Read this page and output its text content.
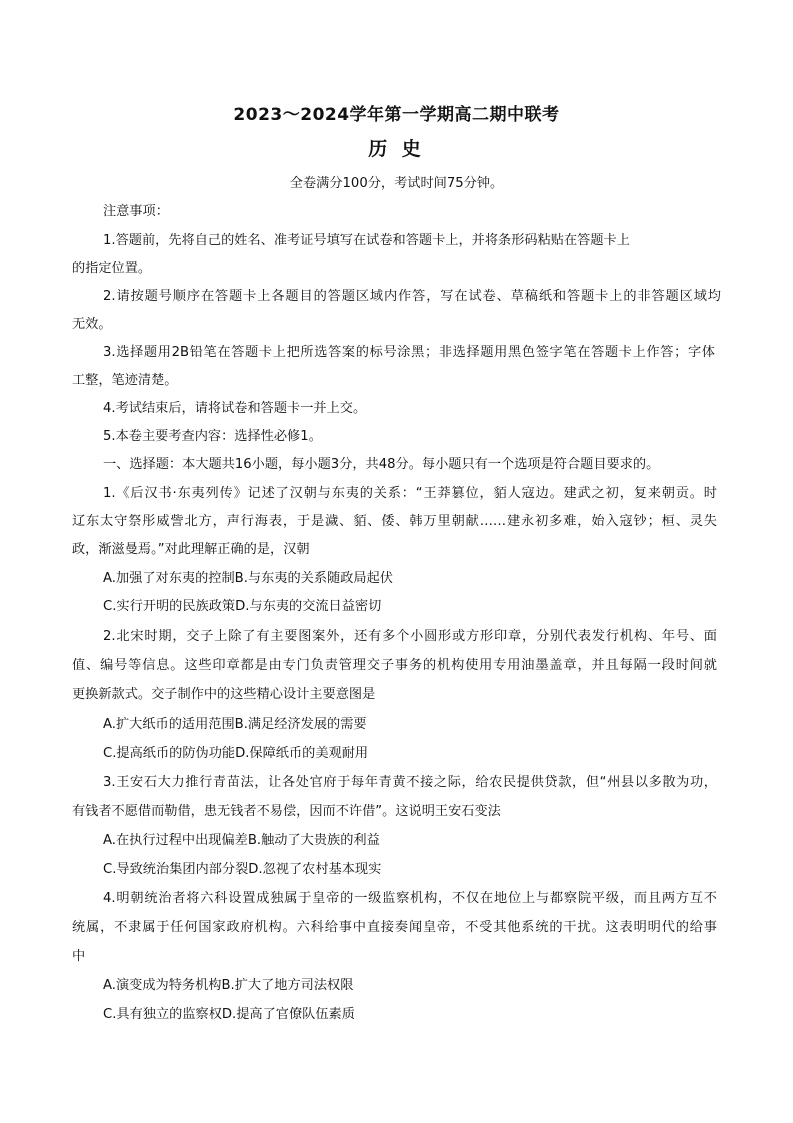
2023～2024学年第一学期高二期中联考
历 史
全卷满分100分，考试时间75分钟。
注意事项：
1.答题前，先将自己的姓名、准考证号填写在试卷和答题卡上，并将条形码粘贴在答题卡上
的指定位置。
2.请按题号顺序在答题卡上各题目的答题区域内作答，写在试卷、草稿纸和答题卡上的非答题区域均
无效。
3.选择题用2B铅笔在答题卡上把所选答案的标号涂黑；非选择题用黑色签字笔在答题卡上作答；字体
工整，笔迹清楚。
4.考试结束后，请将试卷和答题卡一并上交。
5.本卷主要考查内容：选择性必修1。
一、选择题：本大题共16小题，每小题3分，共48分。每小题只有一个选项是符合题目要求的。
1.《后汉书·东夷列传》记述了汉朝与东夷的关系：“王莽篡位，貊人寇边。建武之初，复来朝贡。时
辽东太守祭彤威訾北方，声行海表，于是濊、貊、倭、韩万里朝献……建永初多难，始入寇钞；桓、灵失
政，渐滋曼焉。”对此理解正确的是，汉朝
A.加强了对东夷的控制B.与东夷的关系随政局起伏
C.实行开明的民族政策D.与东夷的交流日益密切
2.北宋时期，交子上除了有主要图案外，还有多个小圆形或方形印章，分别代表发行机构、年号、面
值、编号等信息。这些印章都是由专门负责管理交子事务的机构使用专用油墨盖章，并且每隔一段时间就
更换新款式。交子制作中的这些精心设计主要意图是
A.扩大纸币的适用范围B.满足经济发展的需要
C.提高纸币的防伪功能D.保障纸币的美观耐用
3.王安石大力推行青苗法，让各处官府于每年青黄不接之际，给农民提供贷款，但“州县以多散为功，
有钱者不愿借而勒借，患无钱者不易偿，因而不许借”。这说明王安石变法
A.在执行过程中出现偏差B.触动了大贵族的利益
C.导致统治集团内部分裂D.忽视了农村基本现实
4.明朝统治者将六科设置成独属于皇帝的一级监察机构，不仅在地位上与都察院平级，而且两方互不
统属，不隶属于任何国家政府机构。六科给事中直接奏闻皇帝，不受其他系统的干扰。这表明明代的给事
中
A.演变成为特务机构B.扩大了地方司法权限
C.具有独立的监察权D.提高了官僚队伍素质
